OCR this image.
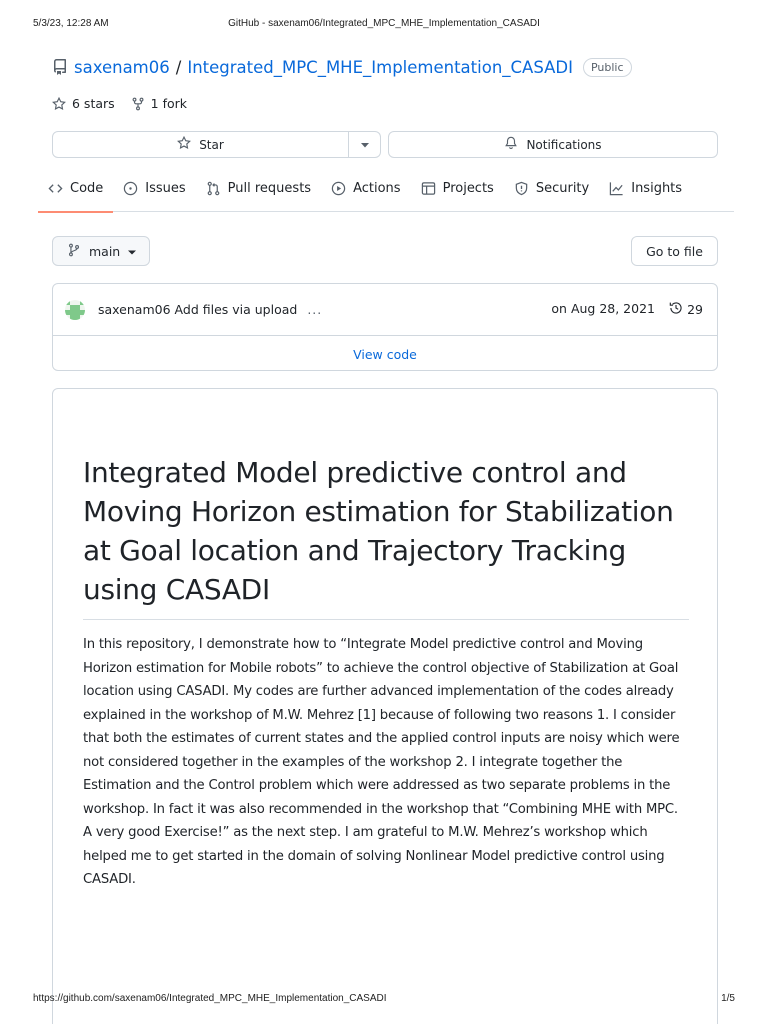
5/3/23, 12:28 AM	GitHub - saxenam06/Integrated_MPC_MHE_Implementation_CASADI
saxenam06 / Integrated_MPC_MHE_Implementation_CASADI	Public
6 stars	1 fork
Star	Notifications
Code	Issues	Pull requests	Actions	Projects	Security	Insights
main	Go to file
saxenam06 Add files via upload ...	on Aug 28, 2021	29
View code
Integrated Model predictive control and Moving Horizon estimation for Stabilization at Goal location and Trajectory Tracking using CASADI

In this repository, I demonstrate how to “Integrate Model predictive control and Moving Horizon estimation for Mobile robots” to achieve the control objective of Stabilization at Goal location using CASADI. My codes are further advanced implementation of the codes already explained in the workshop of M.W. Mehrez [1] because of following two reasons 1. I consider that both the estimates of current states and the applied control inputs are noisy which were not considered together in the examples of the workshop 2. I integrate together the Estimation and the Control problem which were addressed as two separate problems in the workshop. In fact it was also recommended in the workshop that “Combining MHE with MPC. A very good Exercise!” as the next step. I am grateful to M.W. Mehrez’s workshop which helped me to get started in the domain of solving Nonlinear Model predictive control using CASADI.

https://github.com/saxenam06/Integrated_MPC_MHE_Implementation_CASADI	1/5
